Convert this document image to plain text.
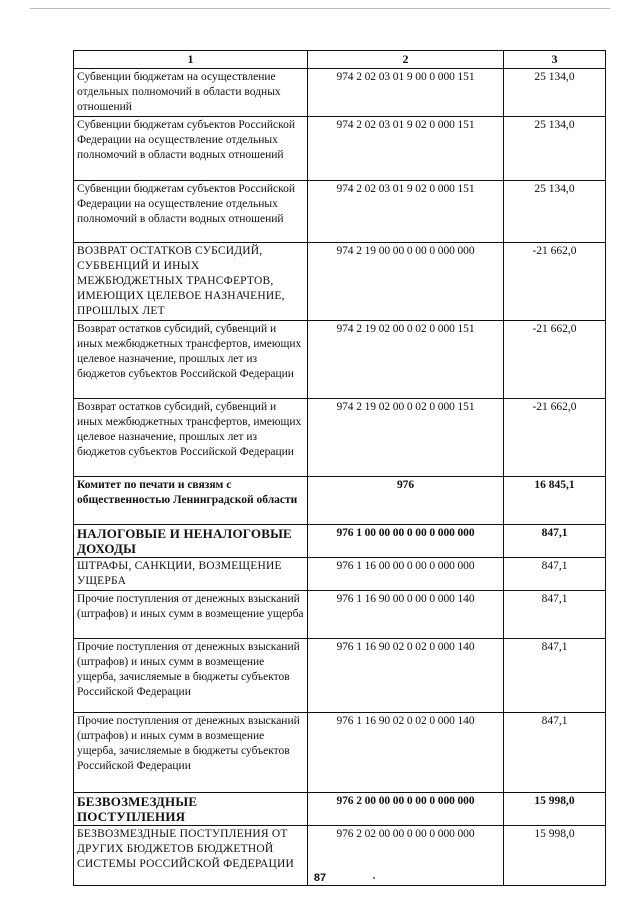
1	2	3
Субвенции бюджетам на осуществление отдельных полномочий в области водных отношений	974 2 02 03 01 9 00 0 000 151	25 134,0
Субвенции бюджетам субъектов Российской Федерации на осуществление отдельных полномочий в области водных отношений	974 2 02 03 01 9 02 0 000 151	25 134,0
Субвенции бюджетам субъектов Российской Федерации на осуществление отдельных полномочий в области водных отношений	974 2 02 03 01 9 02 0 000 151	25 134,0
ВОЗВРАТ ОСТАТКОВ СУБСИДИЙ, СУБВЕНЦИЙ И ИНЫХ МЕЖБЮДЖЕТНЫХ ТРАНСФЕРТОВ, ИМЕЮЩИХ ЦЕЛЕВОЕ НАЗНАЧЕНИЕ, ПРОШЛЫХ ЛЕТ	974 2 19 00 00 0 00 0 000 000	-21 662,0
Возврат остатков субсидий, субвенций и иных межбюджетных трансфертов, имеющих целевое назначение, прошлых лет из бюджетов субъектов Российской Федерации	974 2 19 02 00 0 02 0 000 151	-21 662,0
Возврат остатков субсидий, субвенций и иных межбюджетных трансфертов, имеющих целевое назначение, прошлых лет из бюджетов субъектов Российской Федерации	974 2 19 02 00 0 02 0 000 151	-21 662,0
Комитет по печати и связям с общественностью Ленинградской области	976	16 845,1
НАЛОГОВЫЕ И НЕНАЛОГОВЫЕ ДОХОДЫ	976 1 00 00 00 0 00 0 000 000	847,1
ШТРАФЫ, САНКЦИИ, ВОЗМЕЩЕНИЕ УЩЕРБА	976 1 16 00 00 0 00 0 000 000	847,1
Прочие поступления от денежных взысканий (штрафов) и иных сумм в возмещение ущерба	976 1 16 90 00 0 00 0 000 140	847,1
Прочие поступления от денежных взысканий (штрафов) и иных сумм в возмещение ущерба, зачисляемые в бюджеты субъектов Российской Федерации	976 1 16 90 02 0 02 0 000 140	847,1
Прочие поступления от денежных взысканий (штрафов) и иных сумм в возмещение ущерба, зачисляемые в бюджеты субъектов Российской Федерации	976 1 16 90 02 0 02 0 000 140	847,1
БЕЗВОЗМЕЗДНЫЕ ПОСТУПЛЕНИЯ	976 2 00 00 00 0 00 0 000 000	15 998,0
БЕЗВОЗМЕЗДНЫЕ ПОСТУПЛЕНИЯ ОТ ДРУГИХ БЮДЖЕТОВ БЮДЖЕТНОЙ СИСТЕМЫ РОССИЙСКОЙ ФЕДЕРАЦИИ	976 2 02 00 00 0 00 0 000 000	15 998,0
87
